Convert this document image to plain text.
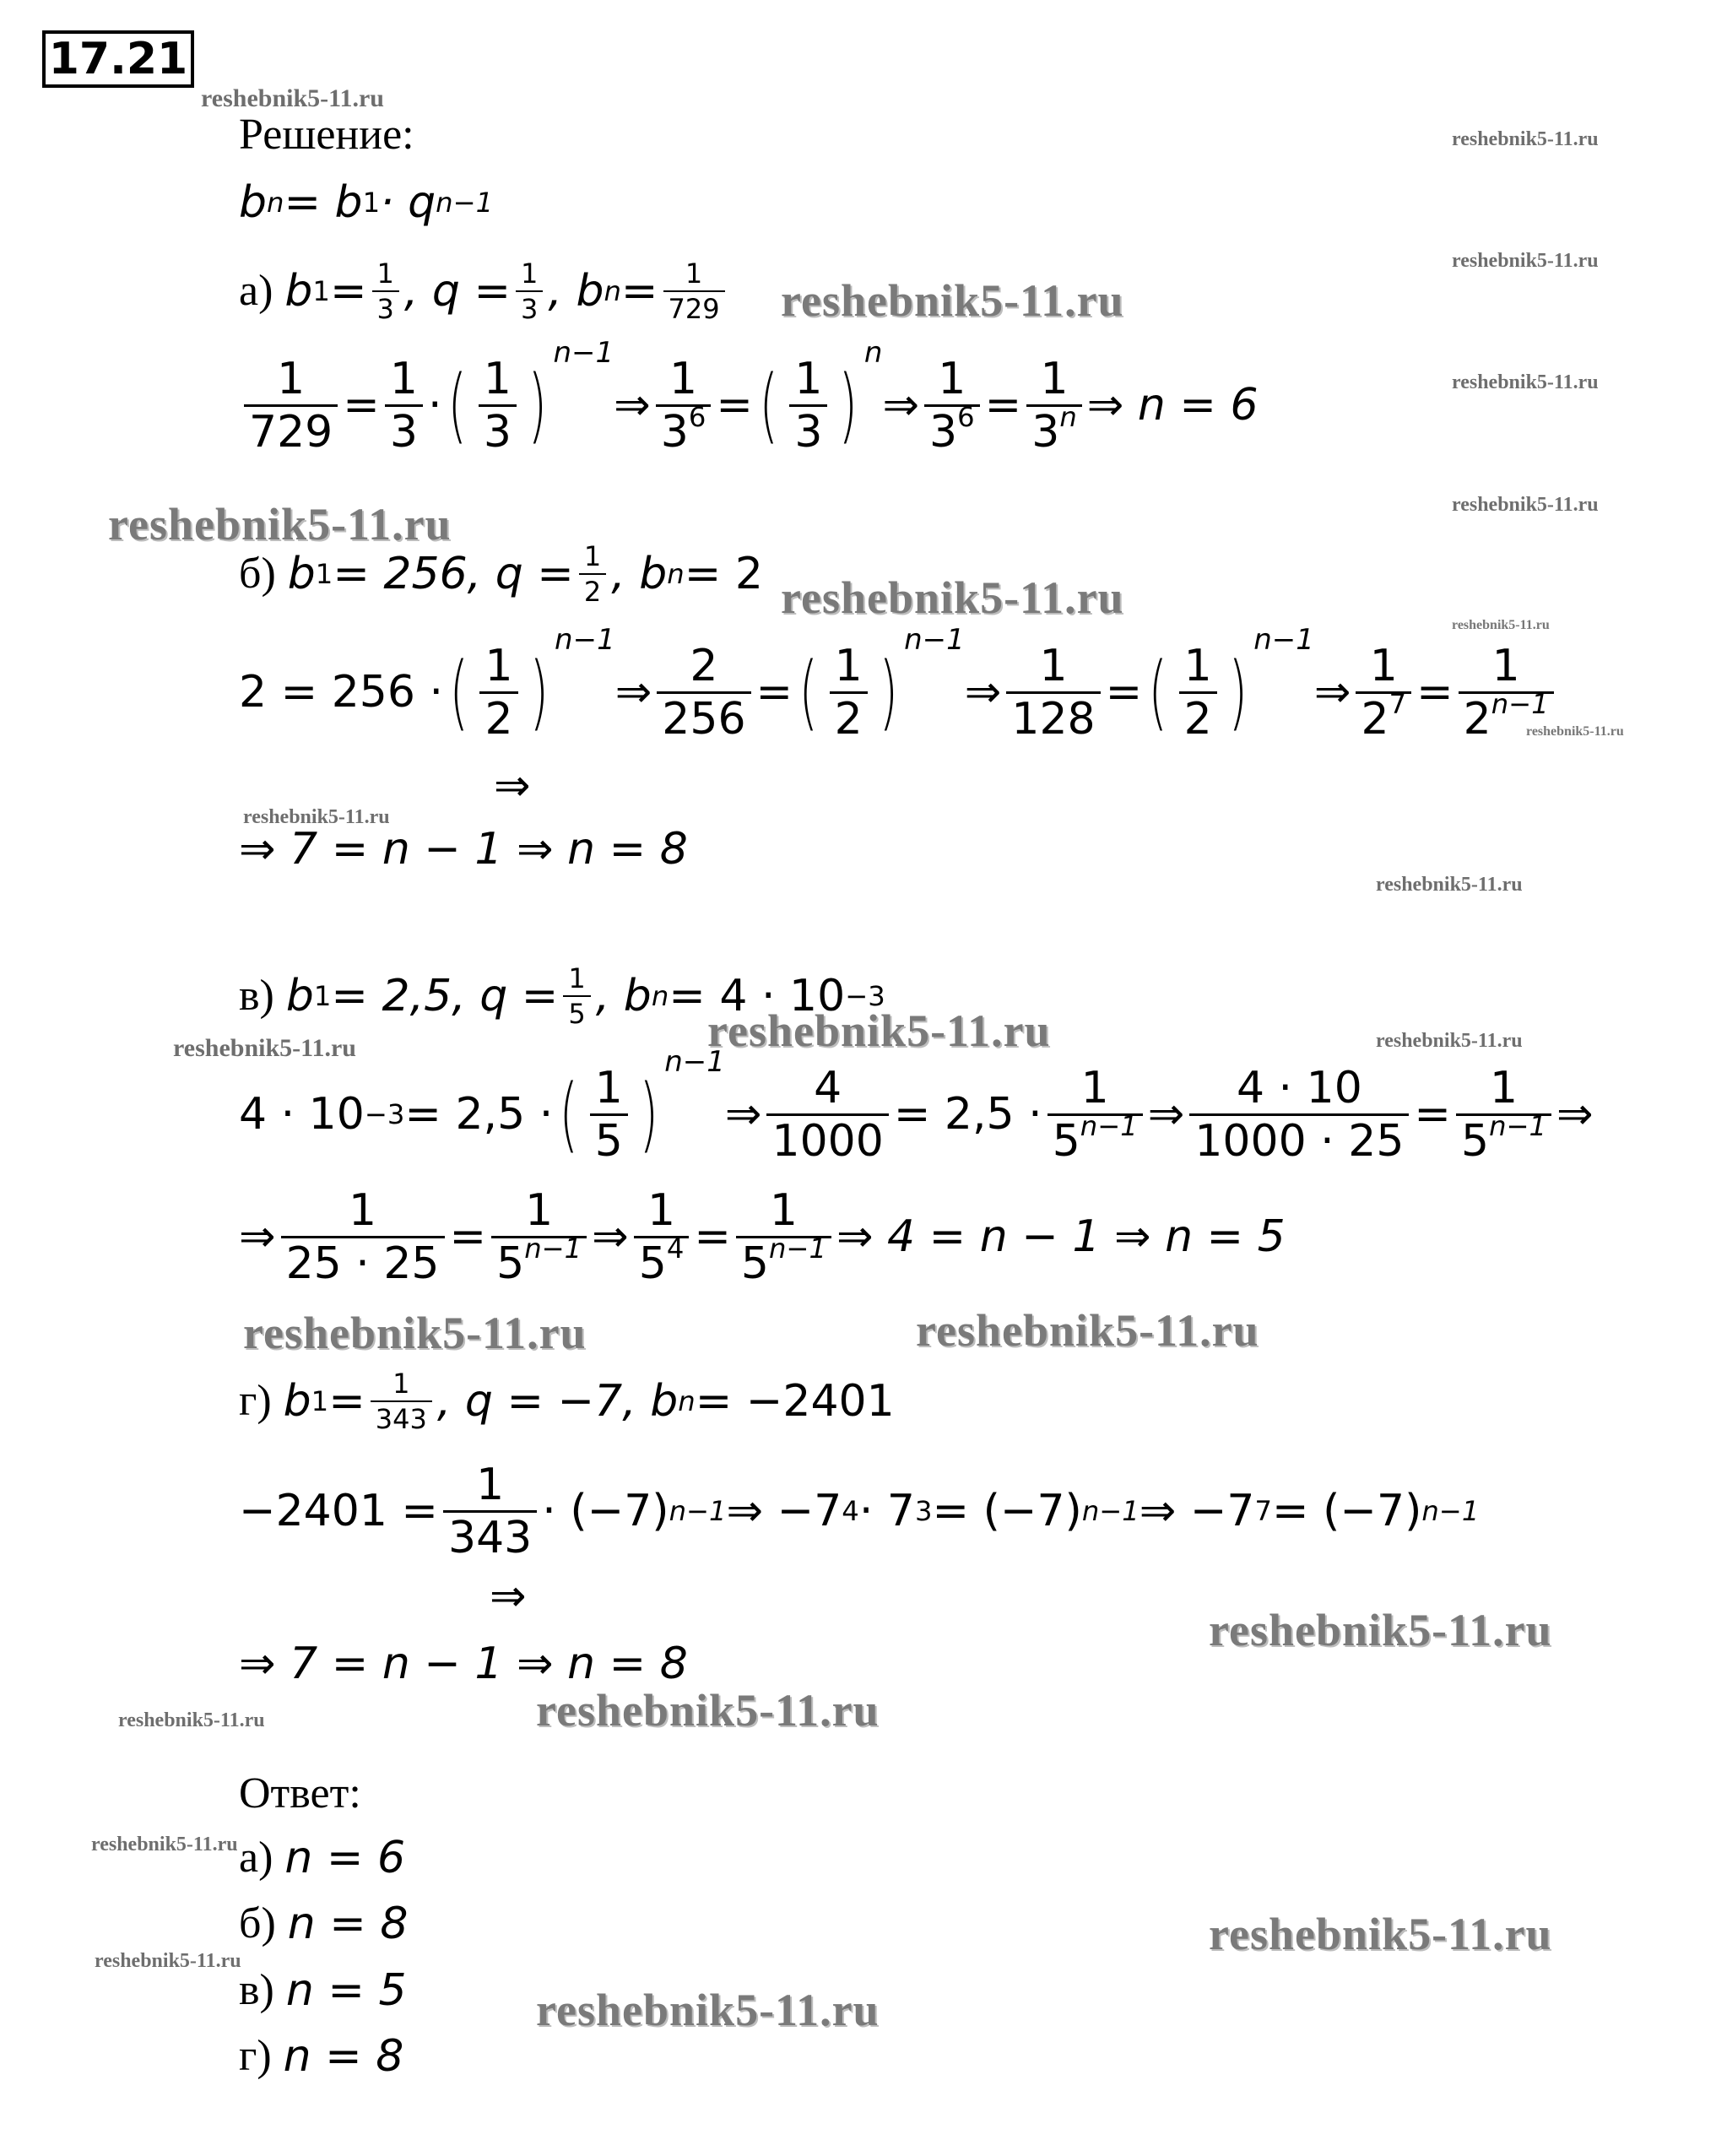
17.21
reshebnik5-11.ru
reshebnik5-11.ru
reshebnik5-11.ru
reshebnik5-11.ru
reshebnik5-11.ru
reshebnik5-11.ru
reshebnik5-11.ru
reshebnik5-11.ru
reshebnik5-11.ru
reshebnik5-11.ru
reshebnik5-11.ru
reshebnik5-11.ru
reshebnik5-11.ru
reshebnik5-11.ru	reshebnik5-11.ru
reshebnik5-11.ru	reshebnik5-11.ru
reshebnik5-11.ru
reshebnik5-11.ru	reshebnik5-11.ru
reshebnik5-11.ru
reshebnik5-11.ru
reshebnik5-11.ru
reshebnik5-11.ru
Решение:
b n = b 1 · q n−1
а) b $1 = \frac{1}{3}$ , $q = \frac{1}{3}$ , b $n = \frac{1}{729}$
$\frac{1}{729} = \frac{1}{3}$ · ( $\frac{1}{3}$ )
n−1
⇒ $\frac{1}{3^6}$ = ( $\frac{1}{3}$ )
n
⇒ $\frac{1}{3^6} = \frac{1}{3^n}$ ⇒ n = 6
б) b 1 = 256, $q = \frac{1}{2}$ , b n = 2
2 = 256 · ( $\frac{1}{2}$ )
n−1
⇒ $\frac{2}{256}$ = ( $\frac{1}{2}$ )
n−1
⇒ $\frac{1}{128}$ = ( $\frac{1}{2}$ )
n−1
⇒ $\frac{1}{2^7} = \frac{1}{2^{n-1}}$
⇒
⇒ 7 = n − 1 ⇒ n = 8
в) b 1 = 2,5, $q = \frac{1}{5}$ , b n = 4 · 10 −3
4 · 10 −3 = 2,5 · ( $\frac{1}{5}$ )
n−1
⇒ $\frac{4}{1000} = 2,5 \cdot \frac{1}{5^{n-1}}$ ⇒ $\frac{4 \cdot 10}{1000 \cdot 25} = \frac{1}{5^{n-1}}$ ⇒
⇒ $\frac{1}{25 \cdot 25} = \frac{1}{5^{n-1}}$ ⇒ $\frac{1}{5^4} = \frac{1}{5^{n-1}}$ ⇒ 4 = n − 1 ⇒ n = 5
г) b $1 = \frac{1}{343}$ , q = −7, b n = −2401
$-2401 = \frac{1}{343} \cdot (-7)$ n−1 ⇒ −7 4 · 7 3 = (−7) n−1 ⇒ −7 7 = (−7) n−1
⇒
⇒ 7 = n − 1 ⇒ n = 8
Ответ:
а) n = 6
б) n = 8
в) n = 5
г) n = 8
